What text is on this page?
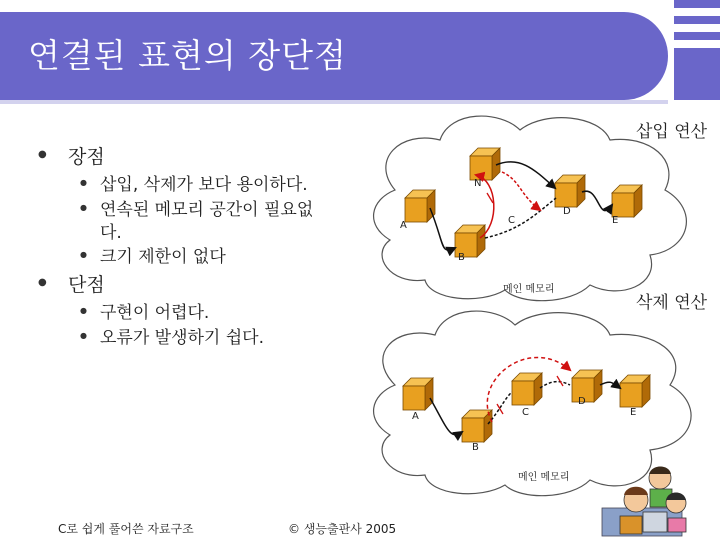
연결된 표현의 장단점
● 장점
● 삽입, 삭제가 보다 용이하다.
● 연속된 메모리 공간이 필요없
다.
● 크기 제한이 없다
● 단점
● 구현이 어렵다.
● 오류가 발생하기 쉽다.
삽입 연산
N
A
B
C
D
E
메인 메모리
삭제 연산
A
B
C
D
E
메인 메모리
C로 쉽게 풀어쓴 자료구조	© 생능출판사 2005
